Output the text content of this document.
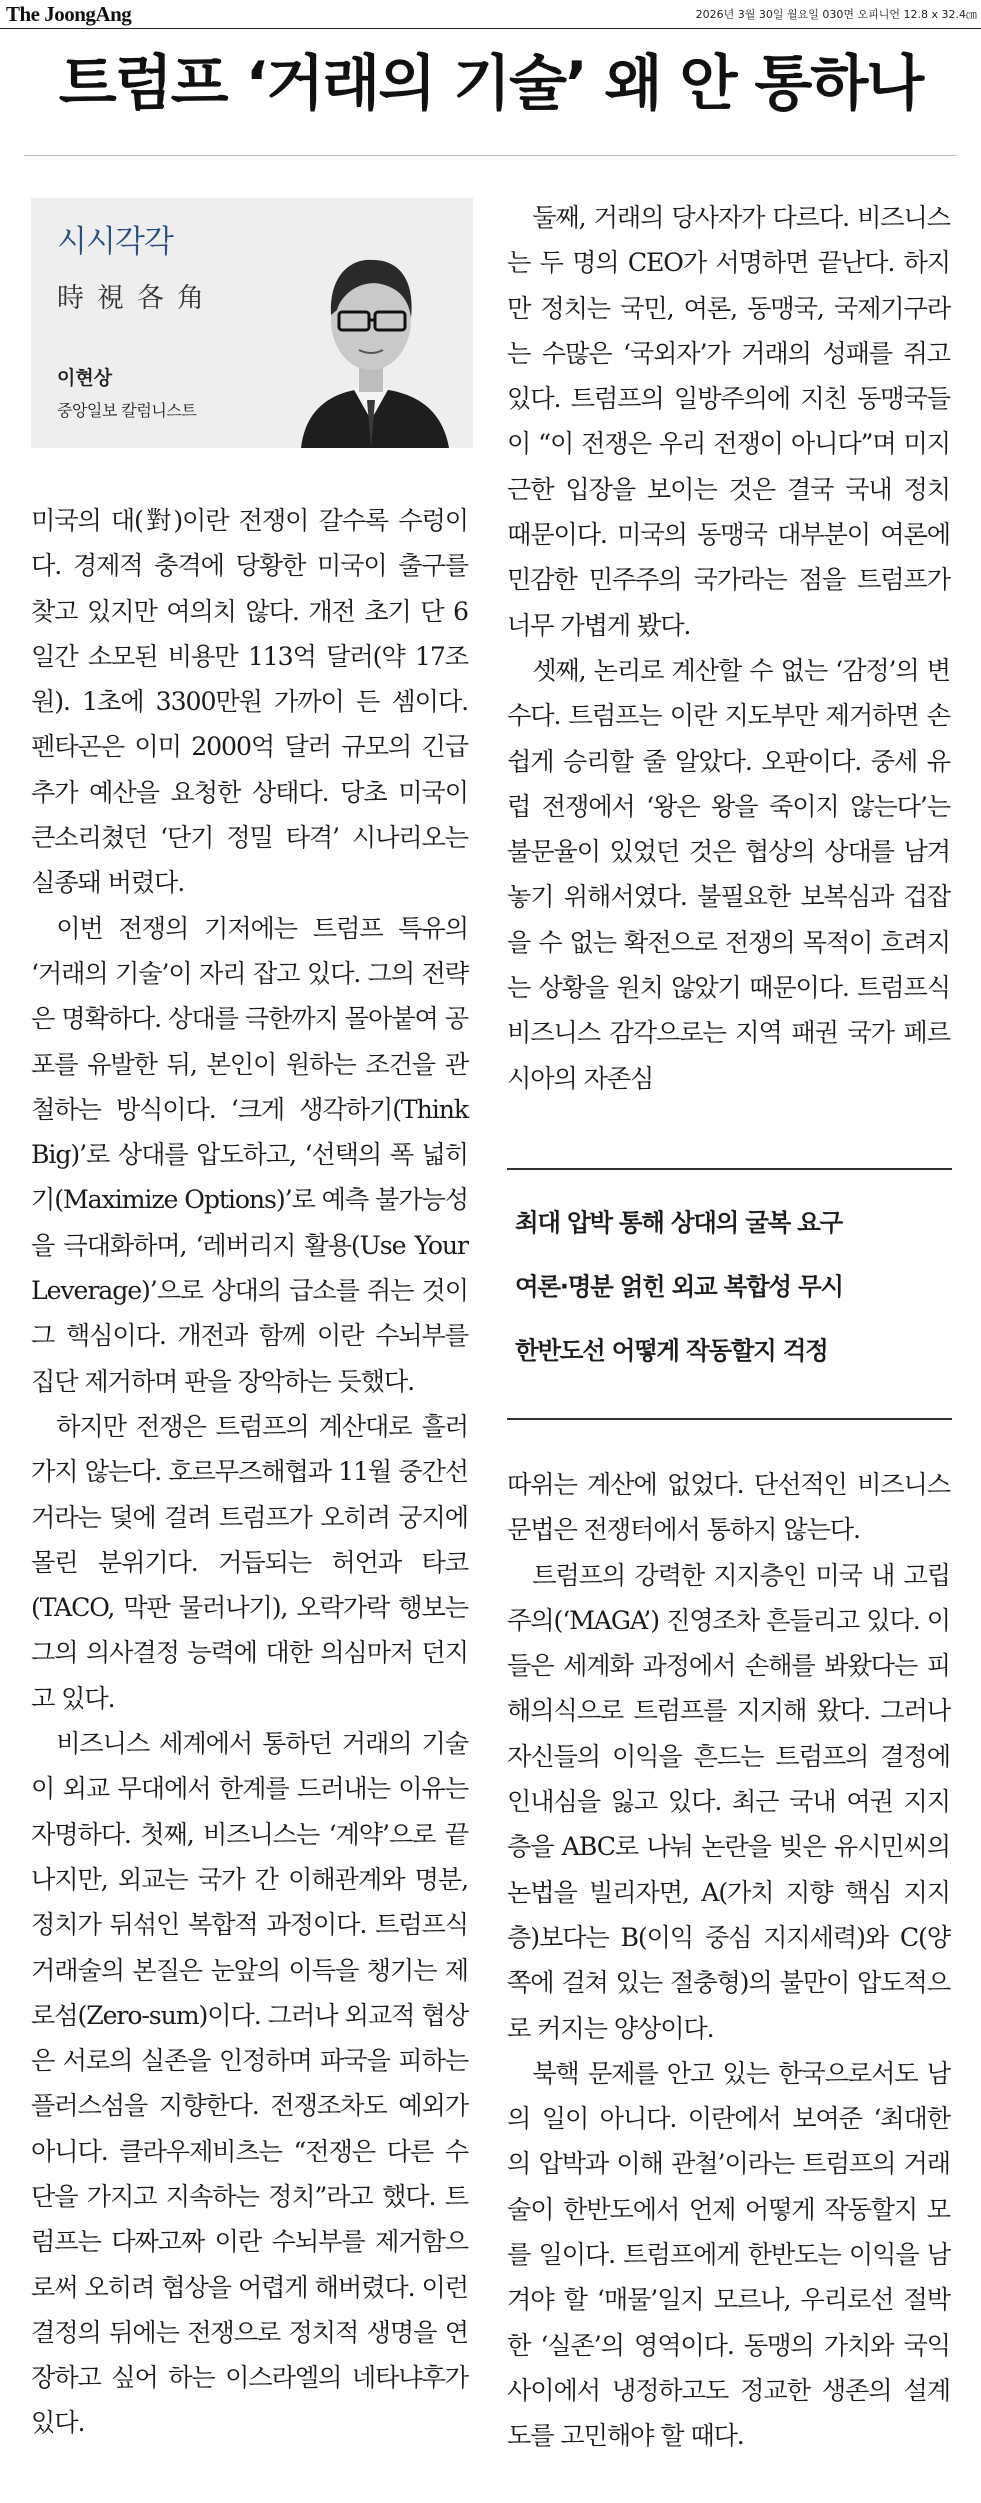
The JoongAng	2026년 3월 30일 월요일 030면 오피니언 12.8 x 32.4㎝
트럼프 ‘거래의 기술’ 왜 안 통하나
시시각각
時視各角
이현상
중앙일보 칼럼니스트

미국의 대(對)이란 전쟁이 갈수록 수렁이다. 경제적 충격에 당황한 미국이 출구를 찾고 있지만 여의치 않다. 개전 초기 단 6일간 소모된 비용만 113억 달러(약 17조원). 1초에 3300만원 가까이 든 셈이다. 펜타곤은 이미 2000억 달러 규모의 긴급 추가 예산을 요청한 상태다. 당초 미국이 큰소리쳤던 ‘단기 정밀 타격’ 시나리오는 실종돼 버렸다.

이번 전쟁의 기저에는 트럼프 특유의 ‘거래의 기술’이 자리 잡고 있다. 그의 전략은 명확하다. 상대를 극한까지 몰아붙여 공포를 유발한 뒤, 본인이 원하는 조건을 관철하는 방식이다. ‘크게 생각하기(Think Big)’로 상대를 압도하고, ‘선택의 폭 넓히기(Maximize Options)’로 예측 불가능성을 극대화하며, ‘레버리지 활용(Use Your Leverage)’으로 상대의 급소를 쥐는 것이 그 핵심이다. 개전과 함께 이란 수뇌부를 집단 제거하며 판을 장악하는 듯했다.

하지만 전쟁은 트럼프의 계산대로 흘러가지 않는다. 호르무즈해협과 11월 중간선거라는 덫에 걸려 트럼프가 오히려 궁지에 몰린 분위기다. 거듭되는 허언과 타코(TACO, 막판 물러나기), 오락가락 행보는 그의 의사결정 능력에 대한 의심마저 던지고 있다.

비즈니스 세계에서 통하던 거래의 기술이 외교 무대에서 한계를 드러내는 이유는 자명하다. 첫째, 비즈니스는 ‘계약’으로 끝나지만, 외교는 국가 간 이해관계와 명분, 정치가 뒤섞인 복합적 과정이다. 트럼프식 거래술의 본질은 눈앞의 이득을 챙기는 제로섬(Zero-sum)이다. 그러나 외교적 협상은 서로의 실존을 인정하며 파국을 피하는 플러스섬을 지향한다. 전쟁조차도 예외가 아니다. 클라우제비츠는 “전쟁은 다른 수단을 가지고 지속하는 정치”라고 했다. 트럼프는 다짜고짜 이란 수뇌부를 제거함으로써 오히려 협상을 어렵게 해버렸다. 이런 결정의 뒤에는 전쟁으로 정치적 생명을 연장하고 싶어 하는 이스라엘의 네타냐후가 있다.

둘째, 거래의 당사자가 다르다. 비즈니스는 두 명의 CEO가 서명하면 끝난다. 하지만 정치는 국민, 여론, 동맹국, 국제기구라는 수많은 ‘국외자’가 거래의 성패를 쥐고 있다. 트럼프의 일방주의에 지친 동맹국들이 “이 전쟁은 우리 전쟁이 아니다”며 미지근한 입장을 보이는 것은 결국 국내 정치 때문이다. 미국의 동맹국 대부분이 여론에 민감한 민주주의 국가라는 점을 트럼프가 너무 가볍게 봤다.

셋째, 논리로 계산할 수 없는 ‘감정’의 변수다. 트럼프는 이란 지도부만 제거하면 손쉽게 승리할 줄 알았다. 오판이다. 중세 유럽 전쟁에서 ‘왕은 왕을 죽이지 않는다’는 불문율이 있었던 것은 협상의 상대를 남겨놓기 위해서였다. 불필요한 보복심과 겁잡을 수 없는 확전으로 전쟁의 목적이 흐려지는 상황을 원치 않았기 때문이다. 트럼프식 비즈니스 감각으로는 지역 패권 국가 페르시아의 자존심

최대 압박 통해 상대의 굴복 요구
여론·명분 얽힌 외교 복합성 무시
한반도선 어떻게 작동할지 걱정

따위는 계산에 없었다. 단선적인 비즈니스 문법은 전쟁터에서 통하지 않는다.

트럼프의 강력한 지지층인 미국 내 고립주의(‘MAGA’) 진영조차 흔들리고 있다. 이들은 세계화 과정에서 손해를 봐왔다는 피해의식으로 트럼프를 지지해 왔다. 그러나 자신들의 이익을 흔드는 트럼프의 결정에 인내심을 잃고 있다. 최근 국내 여권 지지층을 ABC로 나눠 논란을 빚은 유시민씨의 논법을 빌리자면, A(가치 지향 핵심 지지층)보다는 B(이익 중심 지지세력)와 C(양쪽에 걸쳐 있는 절충형)의 불만이 압도적으로 커지는 양상이다.

북핵 문제를 안고 있는 한국으로서도 남의 일이 아니다. 이란에서 보여준 ‘최대한의 압박과 이해 관철’이라는 트럼프의 거래술이 한반도에서 언제 어떻게 작동할지 모를 일이다. 트럼프에게 한반도는 이익을 남겨야 할 ‘매물’일지 모르나, 우리로선 절박한 ‘실존’의 영역이다. 동맹의 가치와 국익 사이에서 냉정하고도 정교한 생존의 설계도를 고민해야 할 때다.
